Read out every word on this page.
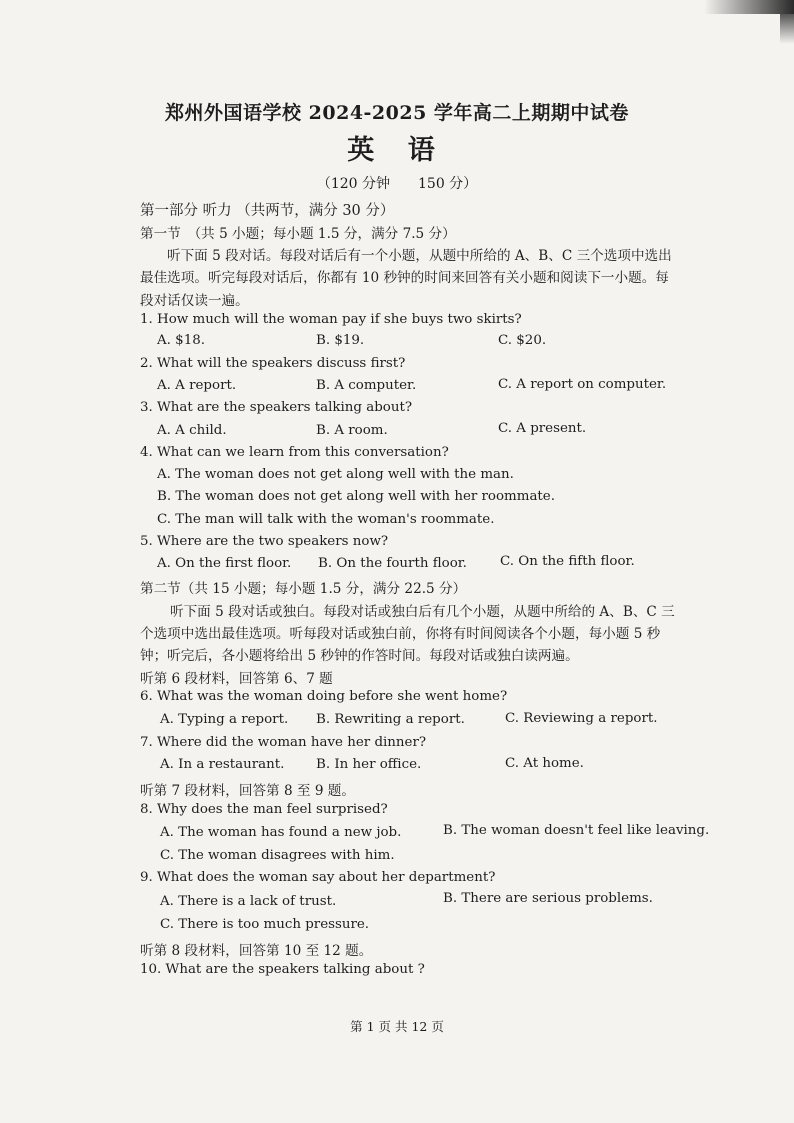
郑州外国语学校 2024-2025 学年高二上期期中试卷
英 语
（120 分钟　　150 分）
第一部分 听力 （共两节，满分 30 分）
第一节　（共 5 小题；每小题 1.5 分，满分 7.5 分）
听下面 5 段对话。每段对话后有一个小题，从题中所给的 A、B、C 三个选项中选出
最佳选项。听完每段对话后，你都有 10 秒钟的时间来回答有关小题和阅读下一小题。每
段对话仅读一遍。
1. How much will the woman pay if she buys two skirts?
A. $18.	B. $19.	C. $20.
2. What will the speakers discuss first?
A. A report.	B. A computer.	C. A report on computer.
3. What are the speakers talking about?
A. A child.	B. A room.	C. A present.
4. What can we learn from this conversation?
A. The woman does not get along well with the man.
B. The woman does not get along well with her roommate.
C. The man will talk with the woman's roommate.
5. Where are the two speakers now?
A. On the first floor. B. On the fourth floor. C. On the fifth floor.
第二节（共 15 小题；每小题 1.5 分，满分 22.5 分）
听下面 5 段对话或独白。每段对话或独白后有几个小题，从题中所给的 A、B、C 三
个选项中选出最佳选项。听每段对话或独白前，你将有时间阅读各个小题，每小题 5 秒
钟；听完后，各小题将给出 5 秒钟的作答时间。每段对话或独白读两遍。
听第 6 段材料，回答第 6、7 题
6. What was the woman doing before she went home?
A. Typing a report. B. Rewriting a report.	C. Reviewing a report.
7. Where did the woman have her dinner?
A. In a restaurant. B. In her office.	C. At home.
听第 7 段材料，回答第 8 至 9 题。
8. Why does the man feel surprised?
A. The woman has found a new job.	B. The woman doesn't feel like leaving.
C. The woman disagrees with him.
9. What does the woman say about her department?
A. There is a lack of trust.	B. There are serious problems.
C. There is too much pressure.
听第 8 段材料，回答第 10 至 12 题。
10. What are the speakers talking about ?
第 1 页 共 12 页
